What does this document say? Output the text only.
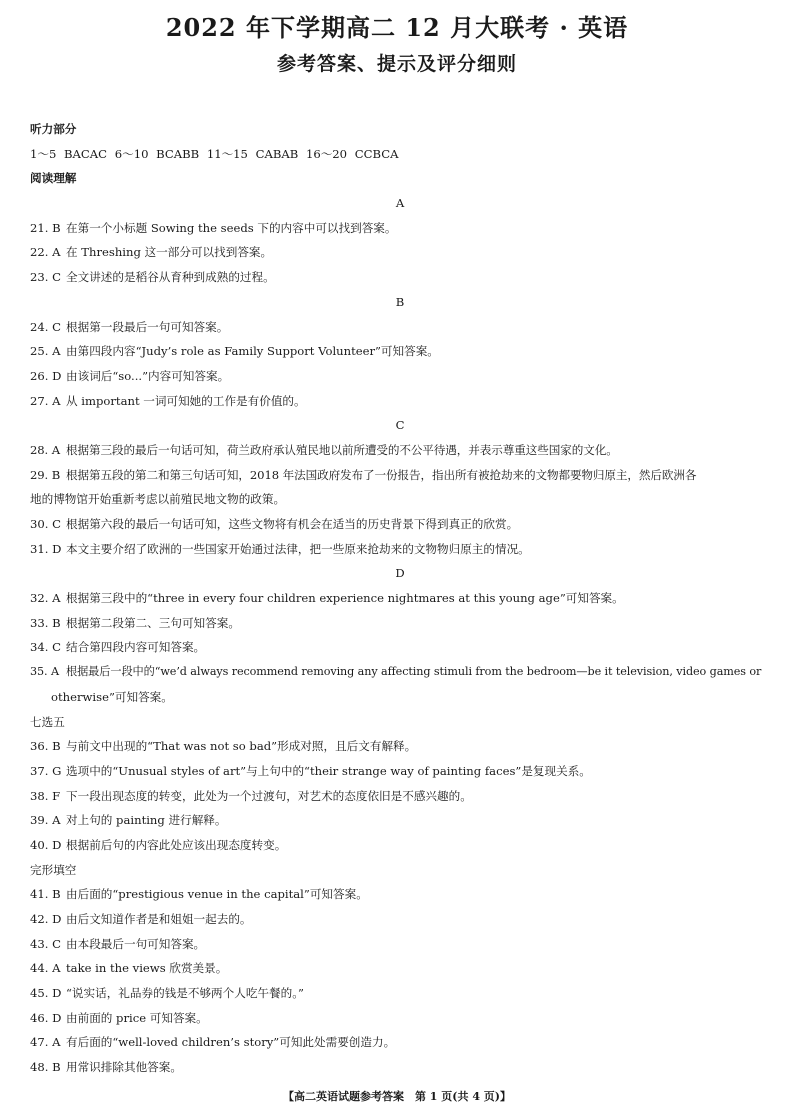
2022 年下学期高二 12 月大联考 · 英语
参考答案、提示及评分细则
听力部分
1～5 BACAC 6～10 BCABB 11～15 CABAB 16～20 CCBCA
阅读理解
A
21. B 在第一个小标题 Sowing the seeds 下的内容中可以找到答案。
22. A 在 Threshing 这一部分可以找到答案。
23. C 全文讲述的是稻谷从育种到成熟的过程。
B
24. C 根据第一段最后一句可知答案。
25. A 由第四段内容“Judy’s role as Family Support Volunteer”可知答案。
26. D 由该词后“so...”内容可知答案。
27. A 从 important 一词可知她的工作是有价值的。
C
28. A 根据第三段的最后一句话可知，荷兰政府承认殖民地以前所遭受的不公平待遇，并表示尊重这些国家的文化。
29. B 根据第五段的第二和第三句话可知，2018 年法国政府发布了一份报告，指出所有被抢劫来的文物都要物归原主，然后欧洲各
地的博物馆开始重新考虑以前殖民地文物的政策。
30. C 根据第六段的最后一句话可知，这些文物将有机会在适当的历史背景下得到真正的欣赏。
31. D 本文主要介绍了欧洲的一些国家开始通过法律，把一些原来抢劫来的文物物归原主的情况。
D
32. A 根据第三段中的“three in every four children experience nightmares at this young age”可知答案。
33. B 根据第二段第二、三句可知答案。
34. C 结合第四段内容可知答案。
35. A 根据最后一段中的“we’d always recommend removing any affecting stimuli from the bedroom—be it television, video games or
otherwise”可知答案。
七选五
36. B 与前文中出现的“That was not so bad”形成对照，且后文有解释。
37. G 选项中的“Unusual styles of art”与上句中的“their strange way of painting faces”是复现关系。
38. F 下一段出现态度的转变，此处为一个过渡句，对艺术的态度依旧是不感兴趣的。
39. A 对上句的 painting 进行解释。
40. D 根据前后句的内容此处应该出现态度转变。
完形填空
41. B 由后面的“prestigious venue in the capital”可知答案。
42. D 由后文知道作者是和姐姐一起去的。
43. C 由本段最后一句可知答案。
44. A take in the views 欣赏美景。
45. D “说实话，礼品券的钱是不够两个人吃午餐的。”
46. D 由前面的 price 可知答案。
47. A 有后面的“well-loved children’s story”可知此处需要创造力。
48. B 用常识排除其他答案。
【高二英语试题参考答案　第 1 页(共 4 页)】
